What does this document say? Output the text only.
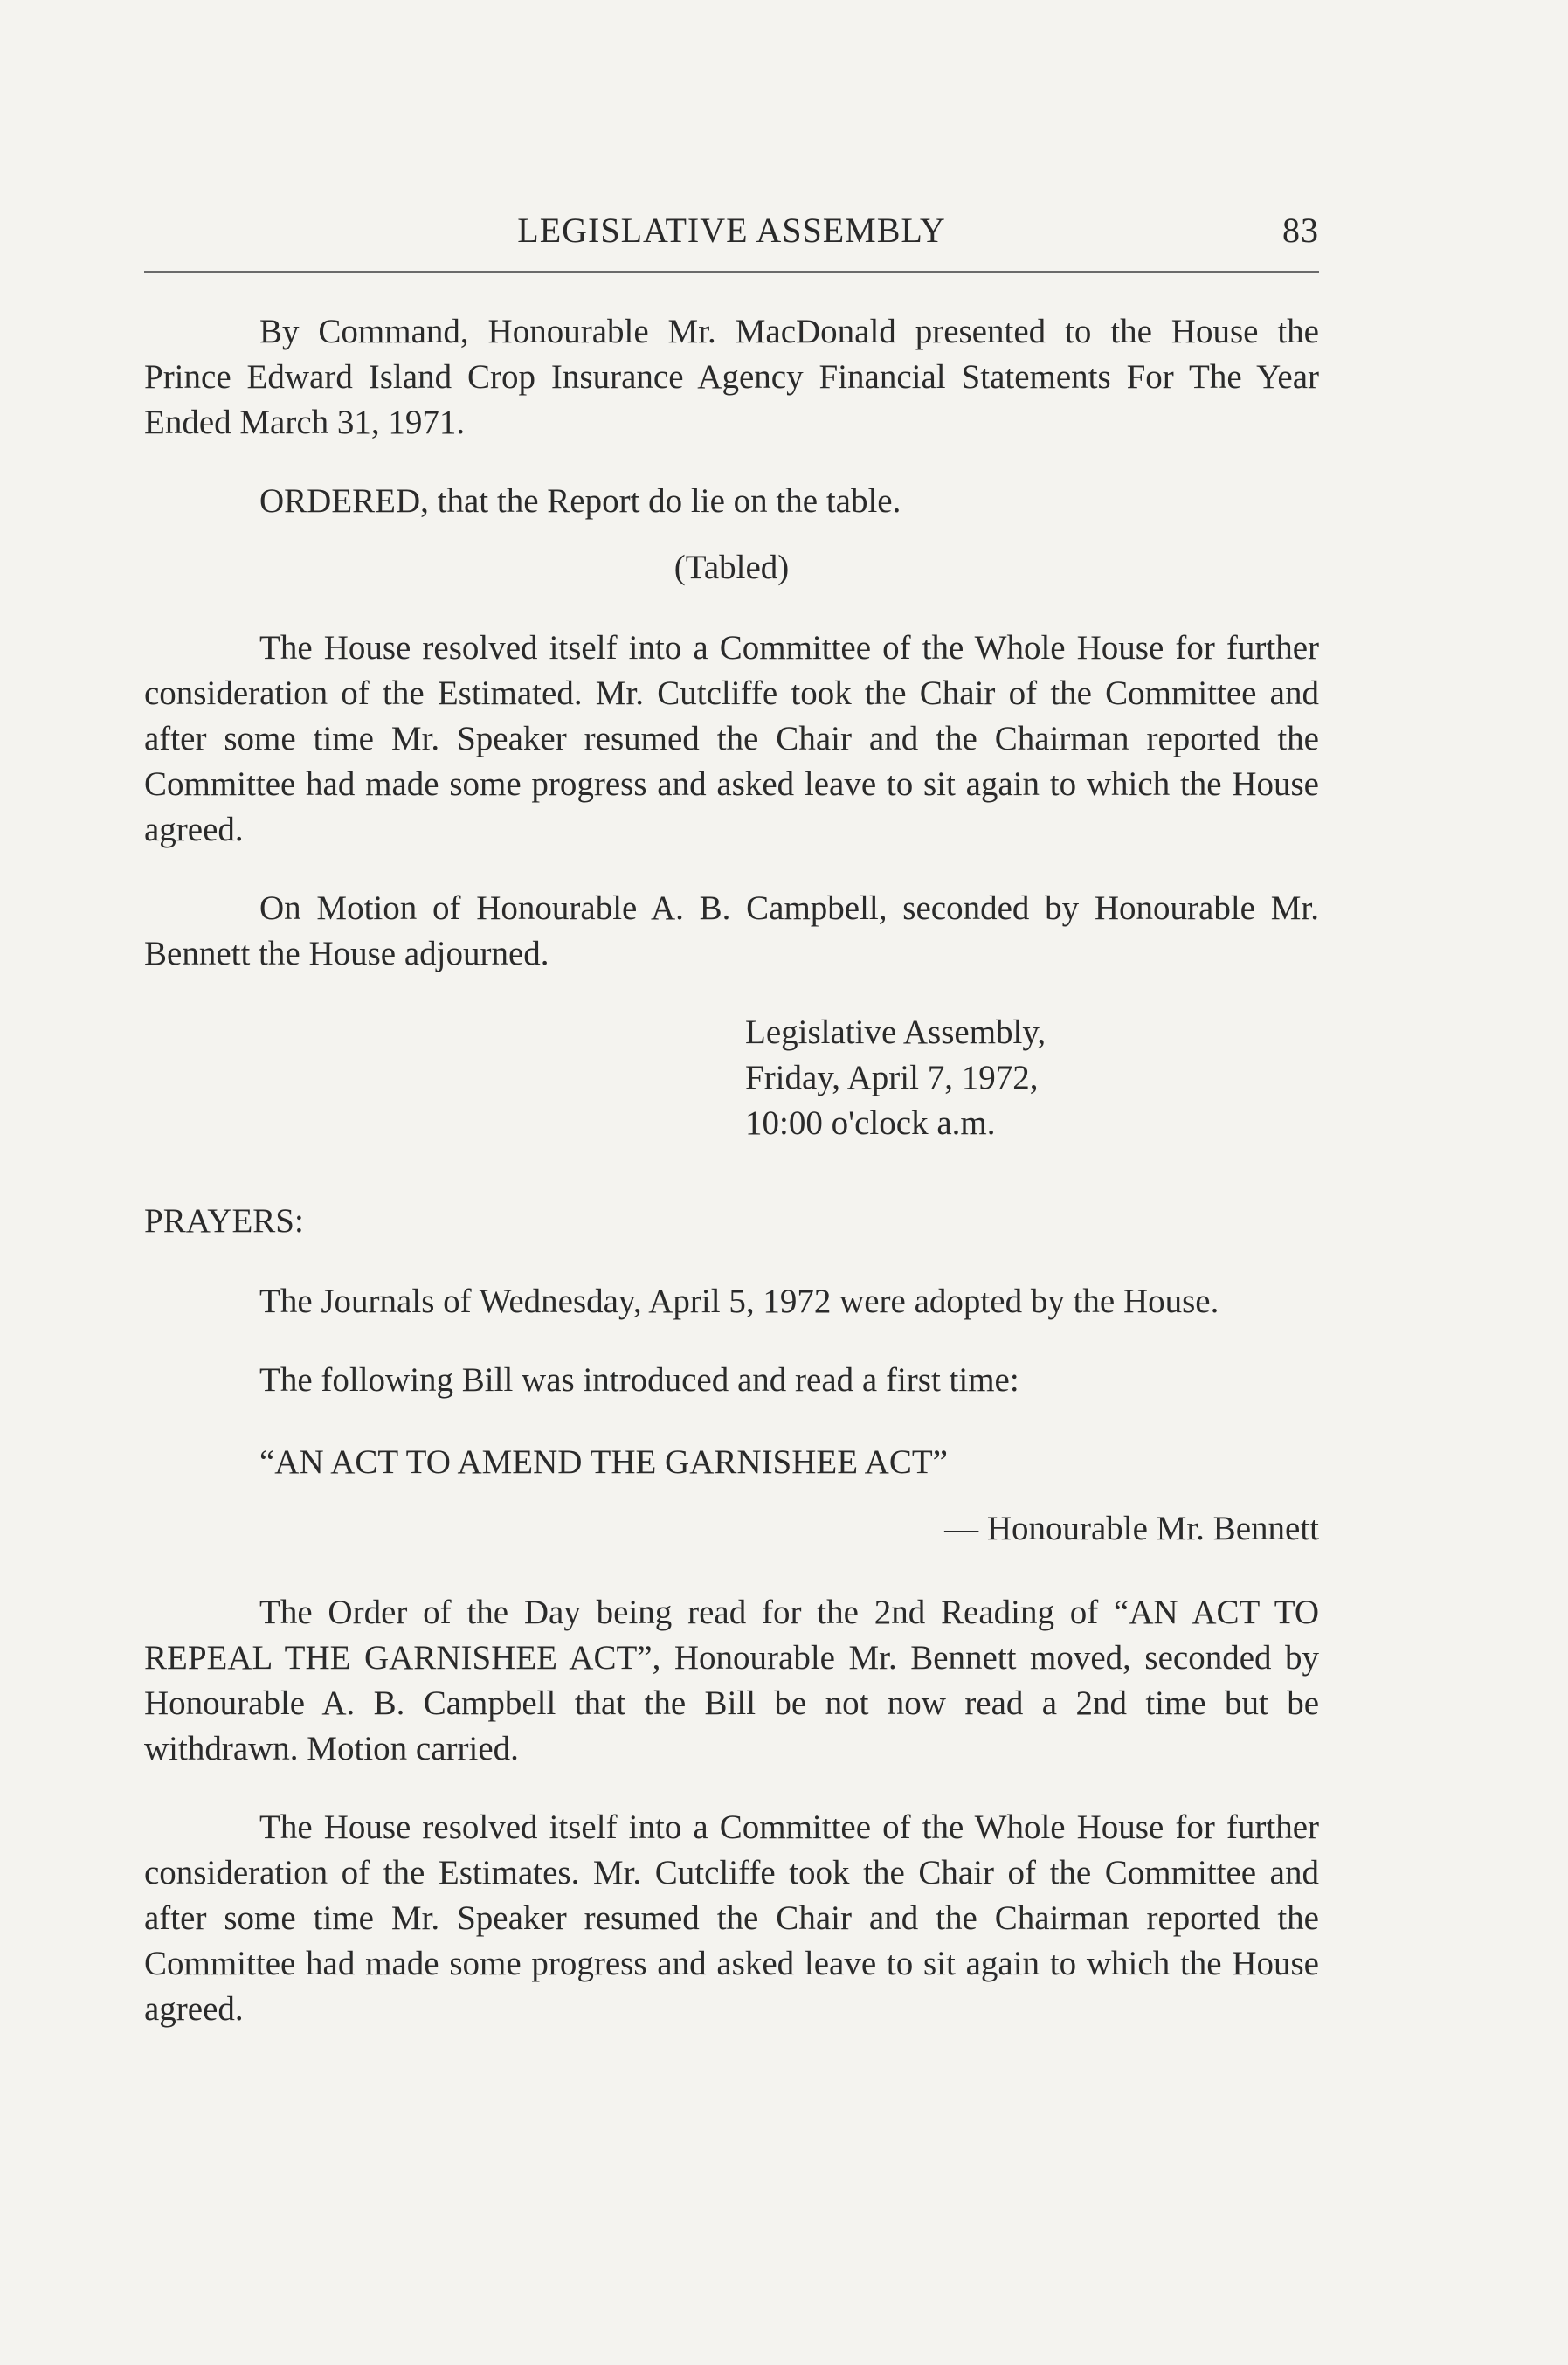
LEGISLATIVE ASSEMBLY	83

By Command, Honourable Mr. MacDonald presented to the House the Prince Edward Island Crop Insurance Agency Financial Statements For The Year Ended March 31, 1971.

ORDERED, that the Report do lie on the table.

(Tabled)

The House resolved itself into a Committee of the Whole House for further consideration of the Estimated. Mr. Cutcliffe took the Chair of the Committee and after some time Mr. Speaker resumed the Chair and the Chairman reported the Committee had made some progress and asked leave to sit again to which the House agreed.

On Motion of Honourable A. B. Campbell, seconded by Honourable Mr. Bennett the House adjourned.

Legislative Assembly,
Friday, April 7, 1972,
10:00 o'clock a.m.

PRAYERS:

The Journals of Wednesday, April 5, 1972 were adopted by the House.

The following Bill was introduced and read a first time:

“AN ACT TO AMEND THE GARNISHEE ACT”

— Honourable Mr. Bennett

The Order of the Day being read for the 2nd Reading of “AN ACT TO REPEAL THE GARNISHEE ACT”, Honourable Mr. Bennett moved, seconded by Honourable A. B. Campbell that the Bill be not now read a 2nd time but be withdrawn. Motion carried.

The House resolved itself into a Committee of the Whole House for further consideration of the Estimates. Mr. Cutcliffe took the Chair of the Committee and after some time Mr. Speaker resumed the Chair and the Chairman reported the Committee had made some progress and asked leave to sit again to which the House agreed.
